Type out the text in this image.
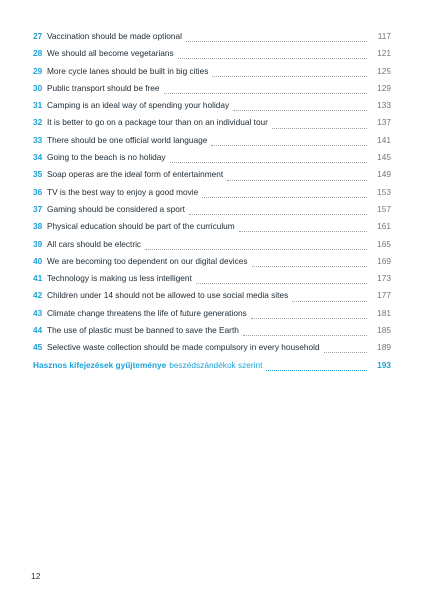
27 Vaccination should be made optional	117
28 We should all become vegetarians	121
29 More cycle lanes should be built in big cities	125
30 Public transport should be free	129
31 Camping is an ideal way of spending your holiday	133
32 It is better to go on a package tour than on an individual tour	137
33 There should be one official world language	141
34 Going to the beach is no holiday	145
35 Soap operas are the ideal form of entertainment	149
36 TV is the best way to enjoy a good movie	153
37 Gaming should be considered a sport	157
38 Physical education should be part of the curriculum	161
39 All cars should be electric	165
40 We are becoming too dependent on our digital devices	169
41 Technology is making us less intelligent	173
42 Children under 14 should not be allowed to use social media sites	177
43 Climate change threatens the life of future generations	181
44 The use of plastic must be banned to save the Earth	185
45 Selective waste collection should be made compulsory in every household	189
Hasznos kifejezések gyűjteménye beszédszándékok szerint	193
12
